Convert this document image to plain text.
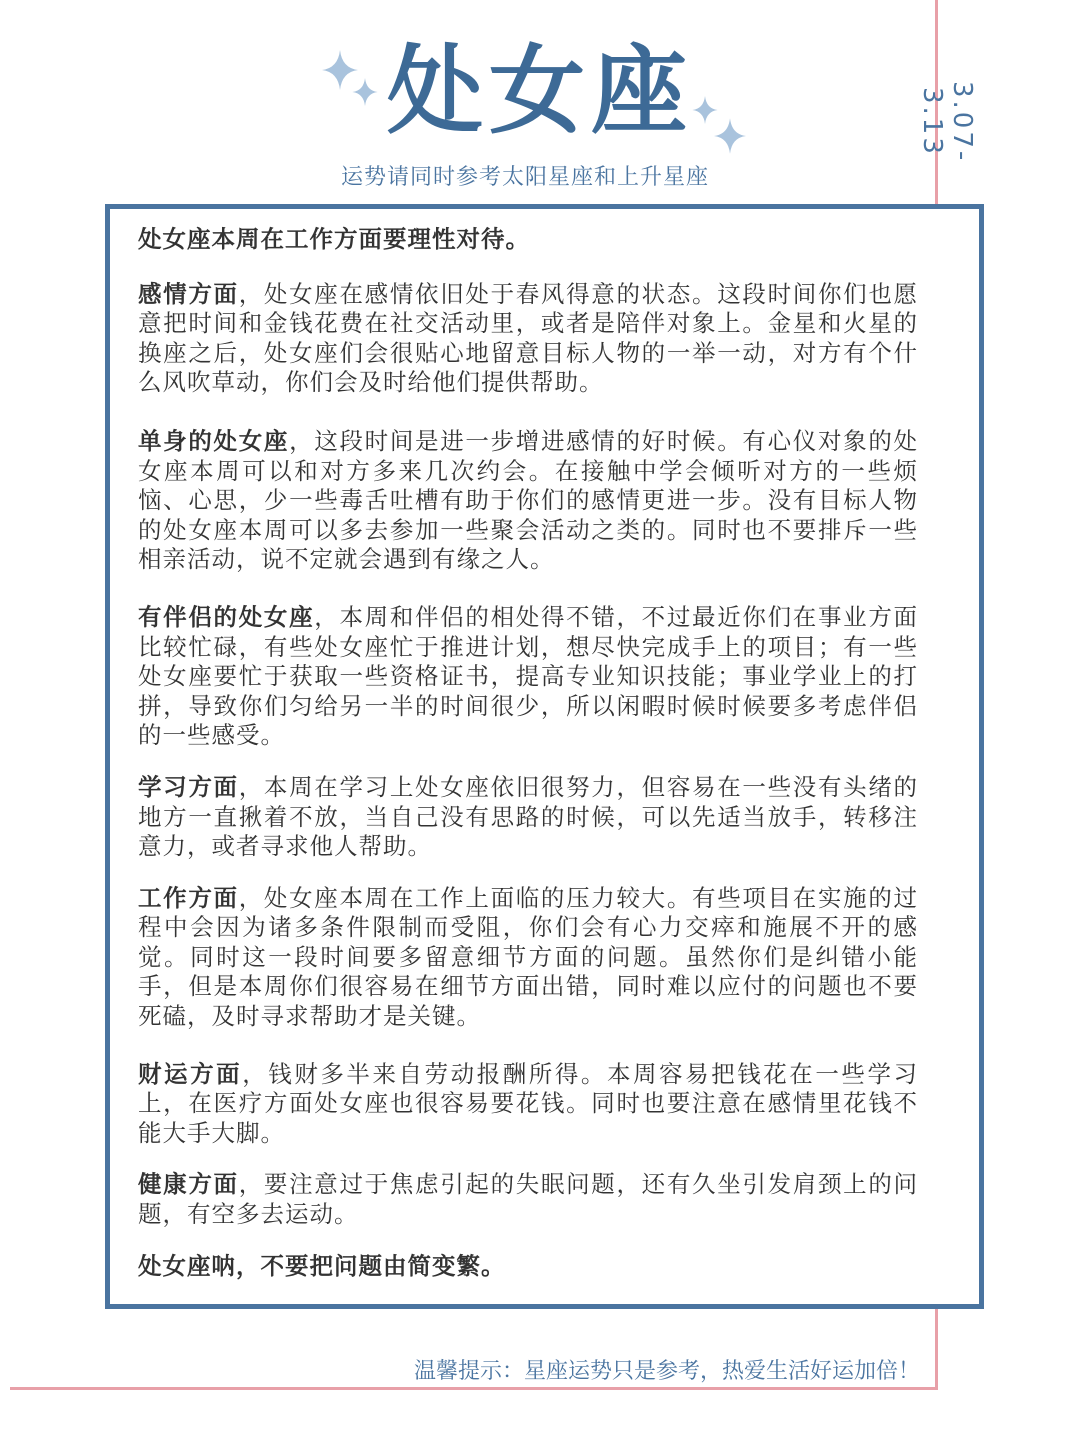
处女座
运势请同时参考太阳星座和上升星座
3.07-3.13

处女座本周在工作方面要理性对待。

感情方面，处女座在感情依旧处于春风得意的状态。这段时间你们也愿意把时间和金钱花费在社交活动里，或者是陪伴对象上。金星和火星的换座之后，处女座们会很贴心地留意目标人物的一举一动，对方有个什么风吹草动，你们会及时给他们提供帮助。

单身的处女座，这段时间是进一步增进感情的好时候。有心仪对象的处女座本周可以和对方多来几次约会。在接触中学会倾听对方的一些烦恼、心思，少一些毒舌吐槽有助于你们的感情更进一步。没有目标人物的处女座本周可以多去参加一些聚会活动之类的。同时也不要排斥一些相亲活动，说不定就会遇到有缘之人。

有伴侣的处女座，本周和伴侣的相处得不错，不过最近你们在事业方面比较忙碌，有些处女座忙于推进计划，想尽快完成手上的项目；有一些处女座要忙于获取一些资格证书，提高专业知识技能；事业学业上的打拼，导致你们匀给另一半的时间很少，所以闲暇时候时候要多考虑伴侣的一些感受。

学习方面，本周在学习上处女座依旧很努力，但容易在一些没有头绪的地方一直揪着不放，当自己没有思路的时候，可以先适当放手，转移注意力，或者寻求他人帮助。

工作方面，处女座本周在工作上面临的压力较大。有些项目在实施的过程中会因为诸多条件限制而受阻，你们会有心力交瘁和施展不开的感觉。同时这一段时间要多留意细节方面的问题。虽然你们是纠错小能手，但是本周你们很容易在细节方面出错，同时难以应付的问题也不要死磕，及时寻求帮助才是关键。

财运方面，钱财多半来自劳动报酬所得。本周容易把钱花在一些学习上，在医疗方面处女座也很容易要花钱。同时也要注意在感情里花钱不能大手大脚。

健康方面，要注意过于焦虑引起的失眠问题，还有久坐引发肩颈上的问题，有空多去运动。

处女座呐，不要把问题由简变繁。

温馨提示：星座运势只是参考，热爱生活好运加倍！
